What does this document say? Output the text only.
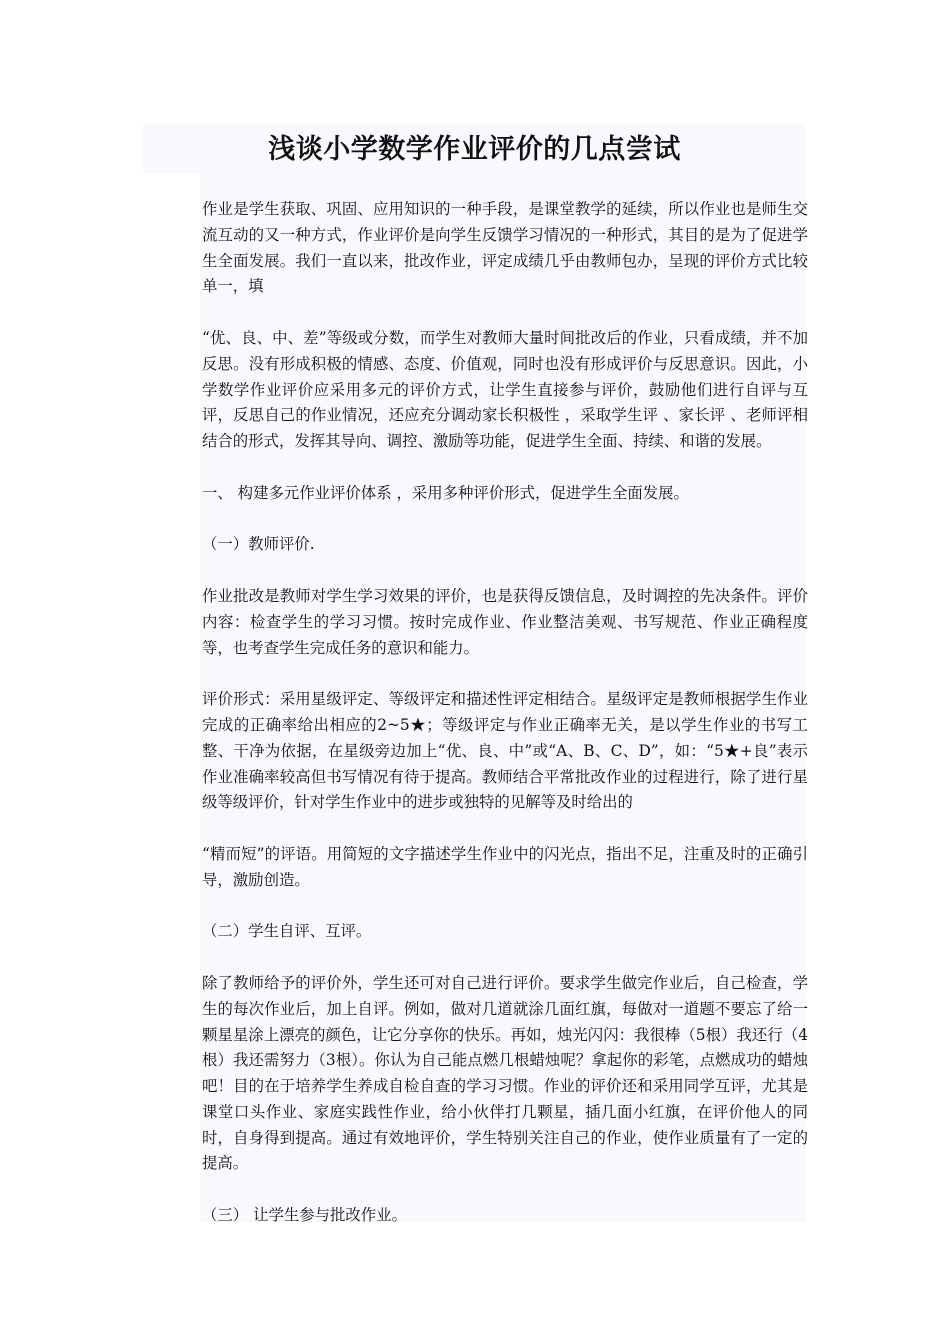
浅谈小学数学作业评价的几点尝试

作业是学生获取、巩固、应用知识的一种手段，是课堂教学的延续，所以作业也是师生交流互动的又一种方式，作业评价是向学生反馈学习情况的一种形式，其目的是为了促进学生全面发展。我们一直以来，批改作业，评定成绩几乎由教师包办，呈现的评价方式比较单一，填

“优、良、中、差”等级或分数，而学生对教师大量时间批改后的作业，只看成绩，并不加反思。没有形成积极的情感、态度、价值观，同时也没有形成评价与反思意识。因此，小学数学作业评价应采用多元的评价方式，让学生直接参与评价，鼓励他们进行自评与互评，反思自己的作业情况，还应充分调动家长积极性 ，采取学生评 、家长评 、老师评相结合的形式，发挥其导向、调控、激励等功能，促进学生全面、持续、和谐的发展。

一、 构建多元作业评价体系 ，采用多种评价形式，促进学生全面发展。

（一）教师评价.

作业批改是教师对学生学习效果的评价，也是获得反馈信息，及时调控的先决条件。评价内容：检查学生的学习习惯。按时完成作业、作业整洁美观、书写规范、作业正确程度等，也考查学生完成任务的意识和能力。

评价形式：采用星级评定、等级评定和描述性评定相结合。星级评定是教师根据学生作业完成的正确率给出相应的2~5★；等级评定与作业正确率无关，是以学生作业的书写工整、干净为依据，在星级旁边加上“优、良、中”或“A、B、C、D”，如：“5★+良”表示作业准确率较高但书写情况有待于提高。教师结合平常批改作业的过程进行，除了进行星级等级评价，针对学生作业中的进步或独特的见解等及时给出的

“精而短”的评语。用简短的文字描述学生作业中的闪光点，指出不足，注重及时的正确引导，激励创造。

（二）学生自评、互评。

除了教师给予的评价外，学生还可对自己进行评价。要求学生做完作业后，自己检查，学生的每次作业后，加上自评。例如，做对几道就涂几面红旗，每做对一道题不要忘了给一颗星星涂上漂亮的颜色，让它分享你的快乐。再如，烛光闪闪：我很棒（5根）我还行（4根）我还需努力（3根）。你认为自己能点燃几根蜡烛呢？拿起你的彩笔，点燃成功的蜡烛吧！目的在于培养学生养成自检自查的学习习惯。作业的评价还和采用同学互评，尤其是课堂口头作业、家庭实践性作业，给小伙伴打几颗星，插几面小红旗，在评价他人的同时，自身得到提高。通过有效地评价，学生特别关注自己的作业，使作业质量有了一定的提高。

（三） 让学生参与批改作业。
